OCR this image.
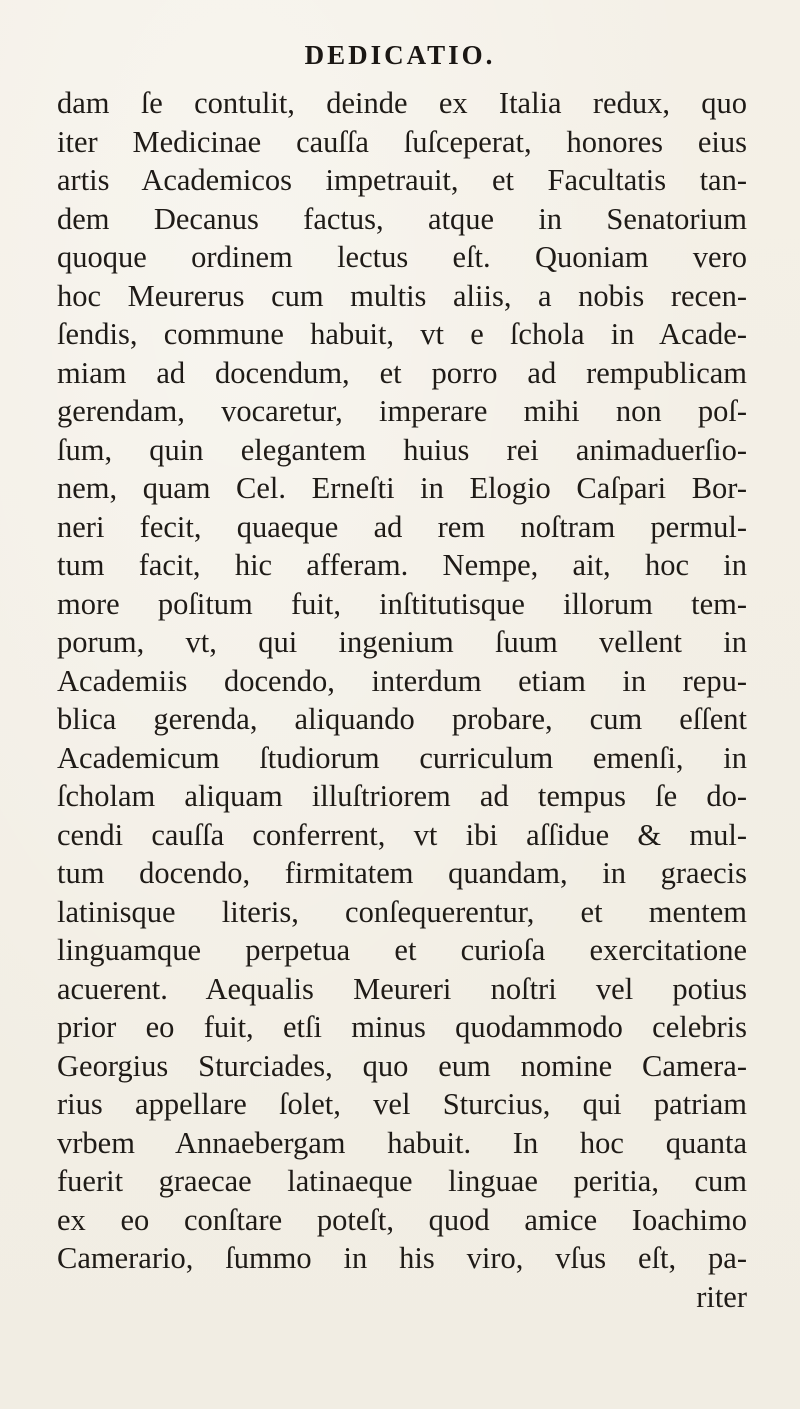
DEDICATIO.
dam ſe contulit, deinde ex Italia redux, quo
iter Medicinae cauſſa ſuſceperat, honores eius
artis Academicos impetrauit, et Facultatis tan-
dem Decanus factus, atque in Senatorium
quoque ordinem lectus eſt. Quoniam vero
hoc Meurerus cum multis aliis, a nobis recen-
ſendis, commune habuit, vt e ſchola in Acade-
miam ad docendum, et porro ad rempublicam
gerendam, vocaretur, imperare mihi non poſ-
ſum, quin elegantem huius rei animaduerſio-
nem, quam Cel. Erneſti in Elogio Caſpari Bor-
neri fecit, quaeque ad rem noſtram permul-
tum facit, hic afferam. Nempe, ait, hoc in
more poſitum fuit, inſtitutisque illorum tem-
porum, vt, qui ingenium ſuum vellent in
Academiis docendo, interdum etiam in repu-
blica gerenda, aliquando probare, cum eſſent
Academicum ſtudiorum curriculum emenſi, in
ſcholam aliquam illuſtriorem ad tempus ſe do-
cendi cauſſa conferrent, vt ibi aſſidue & mul-
tum docendo, firmitatem quandam, in graecis
latinisque literis, conſequerentur, et mentem
linguamque perpetua et curioſa exercitatione
acuerent. Aequalis Meureri noſtri vel potius
prior eo fuit, etſi minus quodammodo celebris
Georgius Sturciades, quo eum nomine Camera-
rius appellare ſolet, vel Sturcius, qui patriam
vrbem Annaebergam habuit. In hoc quanta
fuerit graecae latinaeque linguae peritia, cum
ex eo conſtare poteſt, quod amice Ioachimo
Camerario, ſummo in his viro, vſus eſt, pa-
riter
